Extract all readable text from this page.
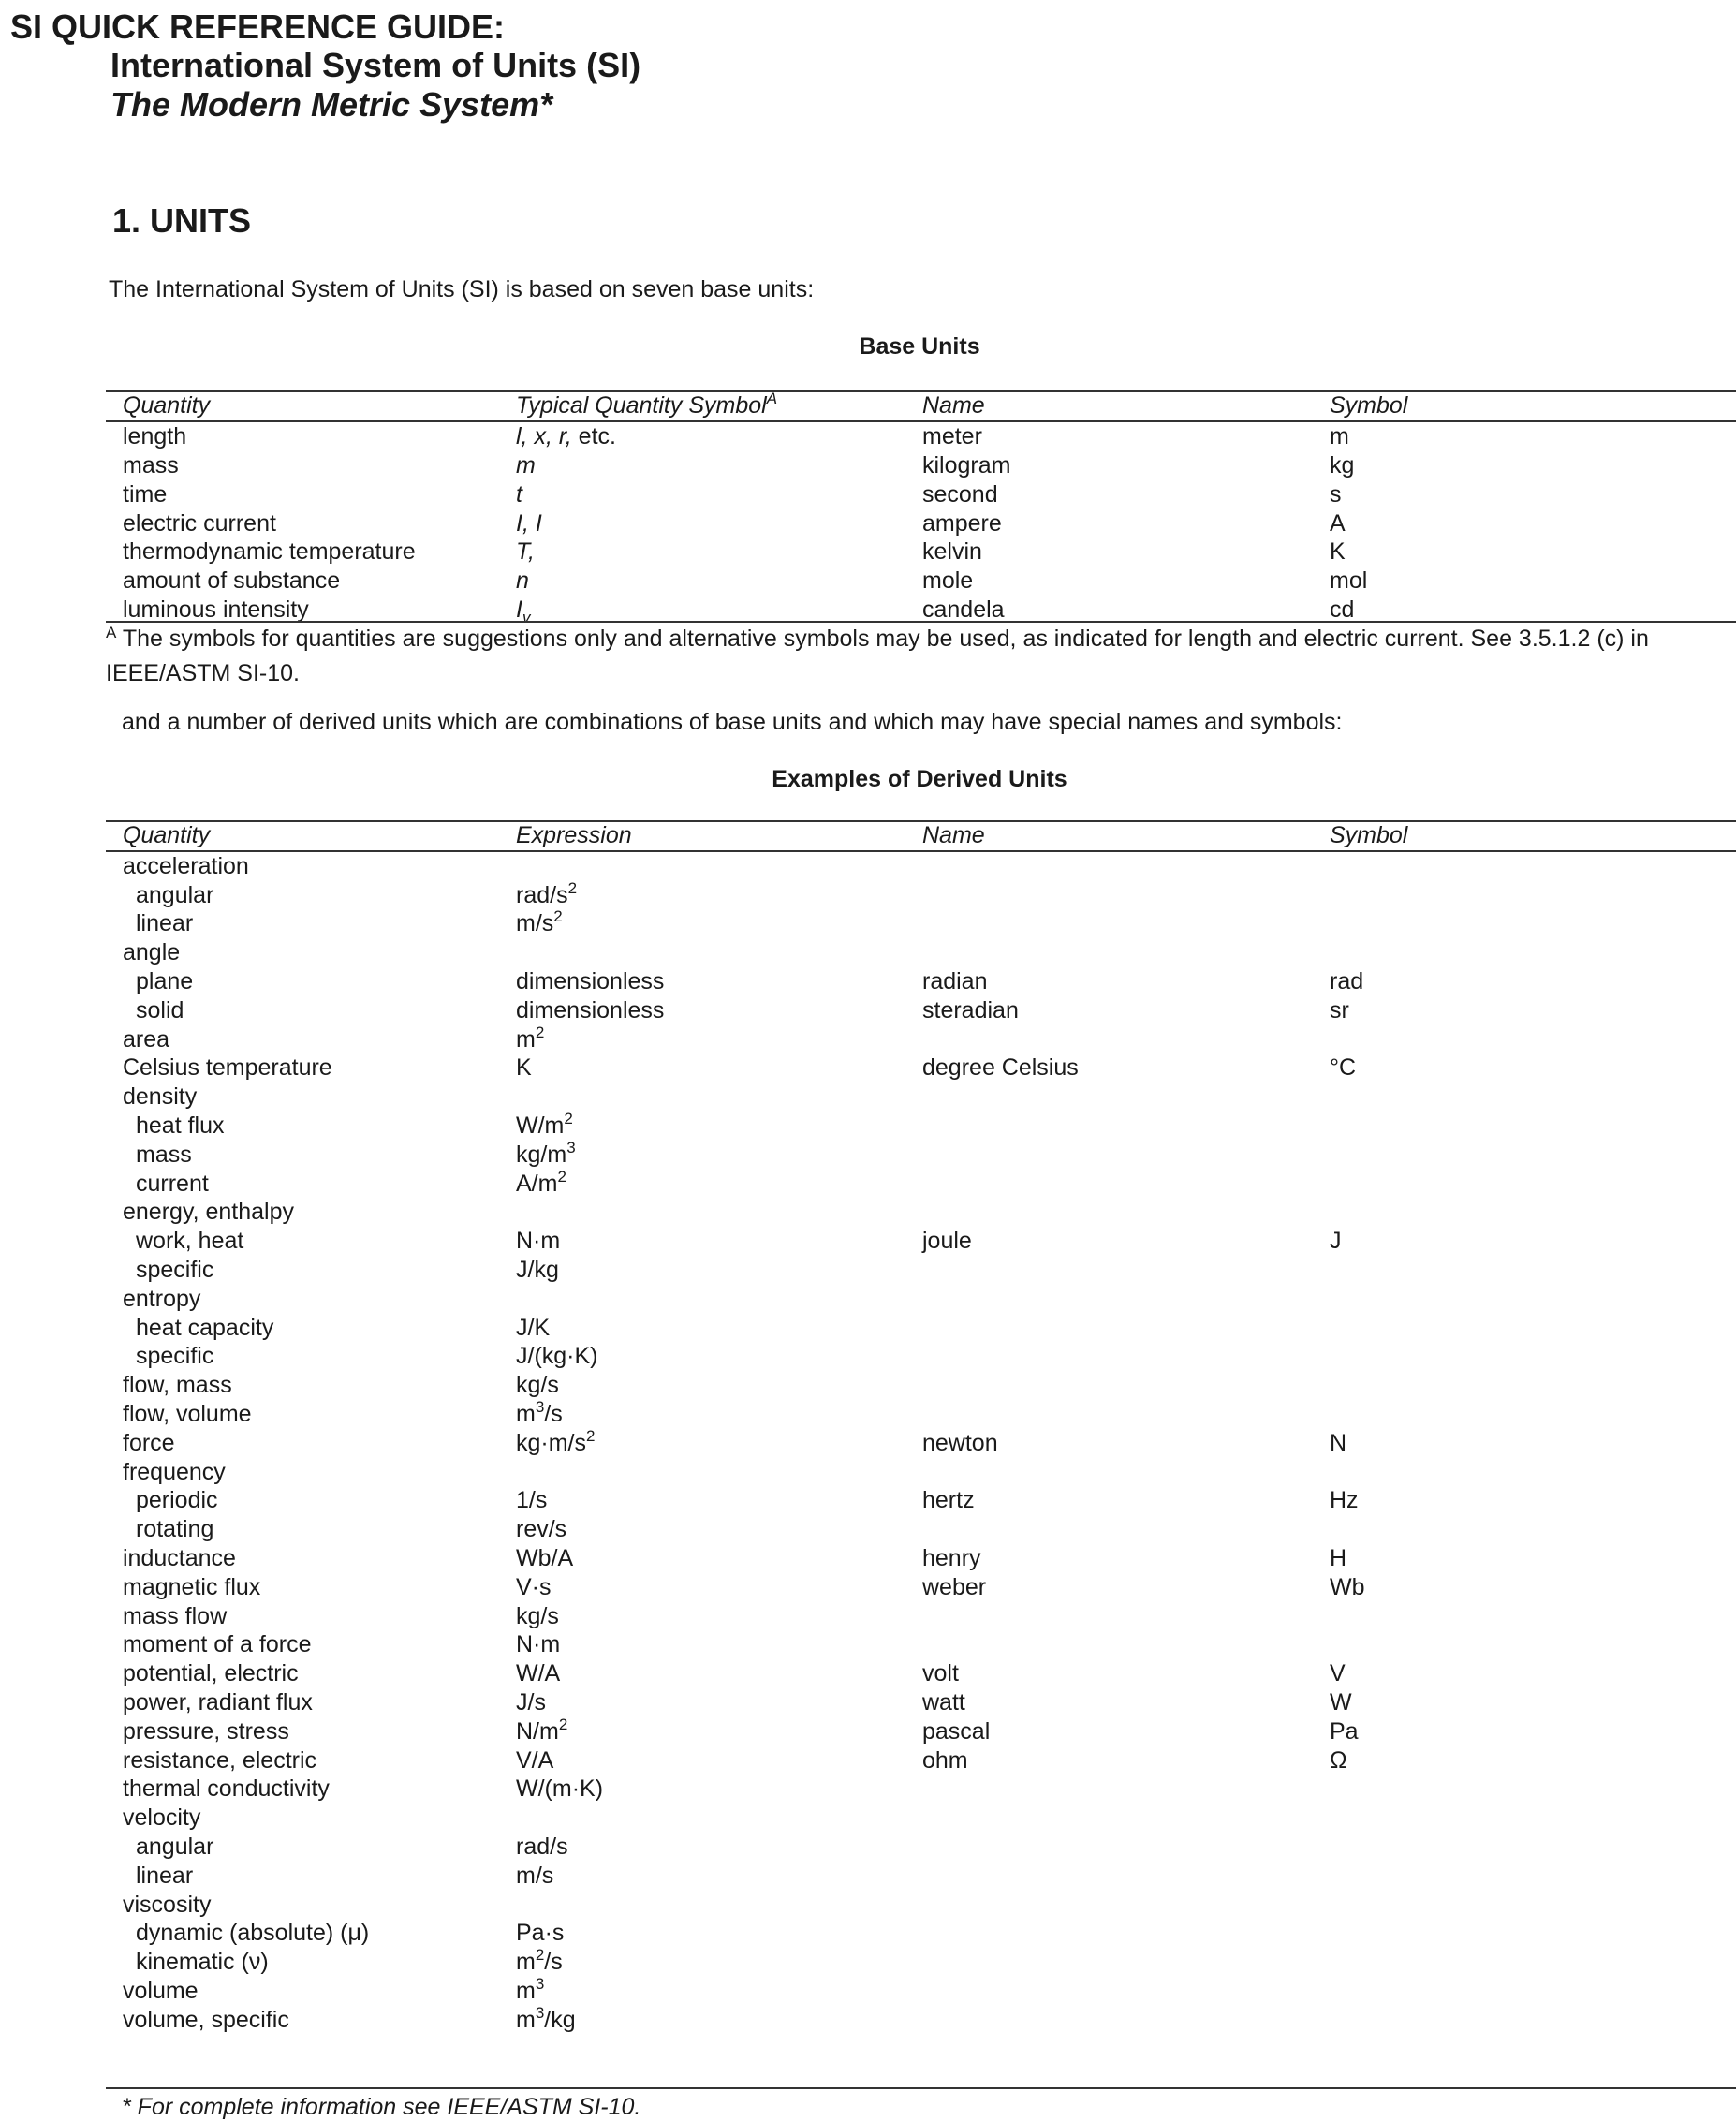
SI QUICK REFERENCE GUIDE:
International System of Units (SI)
The Modern Metric System*
1. UNITS
The International System of Units (SI) is based on seven base units:
Base Units
Quantity	Typical Quantity Symbol$^A$	Name	Symbol
length	l, x, r, etc.	meter	m
mass	m	kilogram	kg
time	t	second	s
electric current	I, I	ampere	A
thermodynamic temperature	T,	kelvin	K
amount of substance	n	mole	mol
luminous intensity	$I_v$	candela	cd
$^A$ The symbols for quantities are suggestions only and alternative symbols may be used, as indicated for length and electric current. See 3.5.1.2 (c) in IEEE/ASTM SI-10.
and a number of derived units which are combinations of base units and which may have special names and symbols:
Examples of Derived Units
Quantity	Expression	Name	Symbol
acceleration
angular	rad/$s^2$
linear	$m/s^2$
angle
plane	dimensionless	radian	rad
solid	dimensionless	steradian	sr
area	$m^2$
Celsius temperature	K	degree Celsius	°C
density
heat flux	$W/m^2$
mass	$kg/m^3$
current	$A/m^2$
energy, enthalpy
work, heat	N·m	joule	J
specific	J/kg
entropy
heat capacity	J/K
specific	J/(kg·K)
flow, mass	kg/s
flow, volume	$m^3/s$
force	$kg\cdot m/s^2$	newton	N
frequency
periodic	1/s	hertz	Hz
rotating	rev/s
inductance	Wb/A	henry	H
magnetic flux	V·s	weber	Wb
mass flow	kg/s
moment of a force	N·m
potential, electric	W/A	volt	V
power, radiant flux	J/s	watt	W
pressure, stress	$N/m^2$	pascal	Pa
resistance, electric	V/A	ohm	Ω
thermal conductivity	W/(m·K)
velocity
angular	rad/s
linear	m/s
viscosity
dynamic (absolute) (μ)	Pa·s
kinematic (ν)	$m^2/s$
volume	$m^3$
volume, specific	$m^3/kg$
* For complete information see IEEE/ASTM SI-10.
